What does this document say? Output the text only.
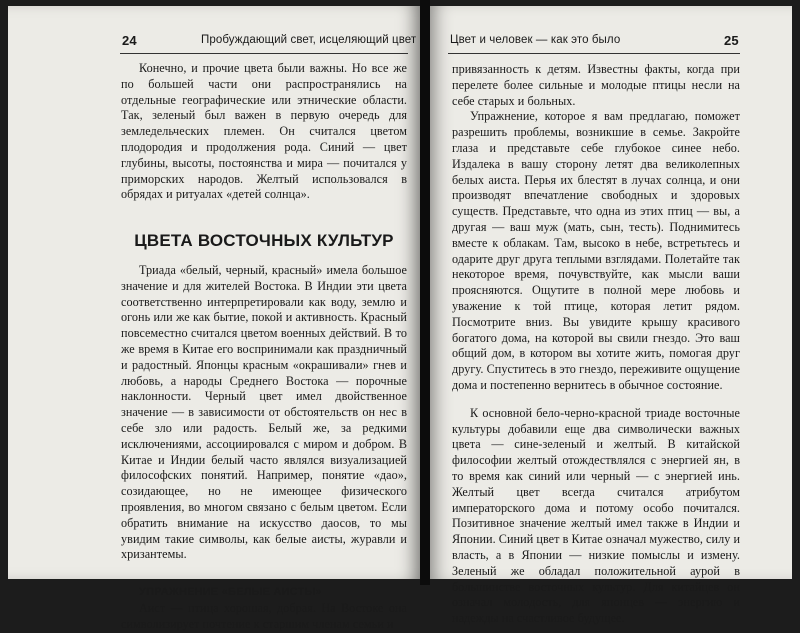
24	Пробуждающий свет, исцеляющий цвет

Конечно, и прочие цвета были важны. Но все же по большей части они распространялись на отдельные географические или этнические области. Так, зеленый был важен в первую очередь для земледельческих племен. Он считался цветом плодородия и продолжения рода. Синий — цвет глубины, высоты, постоянства и мира — почитался у приморских народов. Желтый использовался в обрядах и ритуалах «детей солнца».

ЦВЕТА ВОСТОЧНЫХ КУЛЬТУР

Триада «белый, черный, красный» имела большое значение и для жителей Востока. В Индии эти цвета соответственно интерпретировали как воду, землю и огонь или же как бытие, покой и активность. Красный повсеместно считался цветом военных действий. В то же время в Китае его воспринимали как праздничный и радостный. Японцы красным «окрашивали» гнев и любовь, а народы Среднего Востока — порочные наклонности. Черный цвет имел двойственное значение — в зависимости от обстоятельств он нес в себе зло или радость. Белый же, за редкими исключениями, ассоциировался с миром и добром. В Китае и Индии белый часто являлся визуализацией философских понятий. Например, понятие «дао», созидающее, но не имеющее физического проявления, во многом связано с белым цветом. Если обратить внимание на искусство даосов, то мы увидим такие символы, как белые аисты, журавли и хризантемы.

УПРАЖНЕНИЕ «БЕЛЫЕ АИСТЫ»

Аист — птица хорошая, добрая. На Востоке она символизирует почтение к старшим членам семьи и

Цвет и человек — как это было	25

привязанность к детям. Известны факты, когда при перелете более сильные и молодые птицы несли на себе старых и больных.

Упражнение, которое я вам предлагаю, поможет разрешить проблемы, возникшие в семье. Закройте глаза и представьте себе глубокое синее небо. Издалека в вашу сторону летят два великолепных белых аиста. Перья их блестят в лучах солнца, и они производят впечатление свободных и здоровых существ. Представьте, что одна из этих птиц — вы, а другая — ваш муж (мать, сын, тесть). Поднимитесь вместе к облакам. Там, высоко в небе, встретьтесь и одарите друг друга теплыми взглядами. Полетайте так некоторое время, почувствуйте, как мысли ваши проясняются. Ощутите в полной мере любовь и уважение к той птице, которая летит рядом. Посмотрите вниз. Вы увидите крышу красивого богатого дома, на которой вы свили гнездо. Это ваш общий дом, в котором вы хотите жить, помогая друг другу. Спуститесь в это гнездо, переживите ощущение дома и постепенно вернитесь в обычное состояние.

К основной бело-черно-красной триаде восточные культуры добавили еще два символически важных цвета — сине-зеленый и желтый. В китайской философии желтый отождествлялся с энергией ян, в то время как синий или черный — с энергией инь. Желтый цвет всегда считался атрибутом императорского дома и потому особо почитался. Позитивное значение желтый имел также в Индии и Японии. Синий цвет в Китае означал мужество, силу и власть, а в Японии — низкие помыслы и измену. Зеленый же обладал положительной аурой в большинстве восточных культур. Для китайцев он означал молодость, для японцев — энергию и надежды на счастливое будущее.
